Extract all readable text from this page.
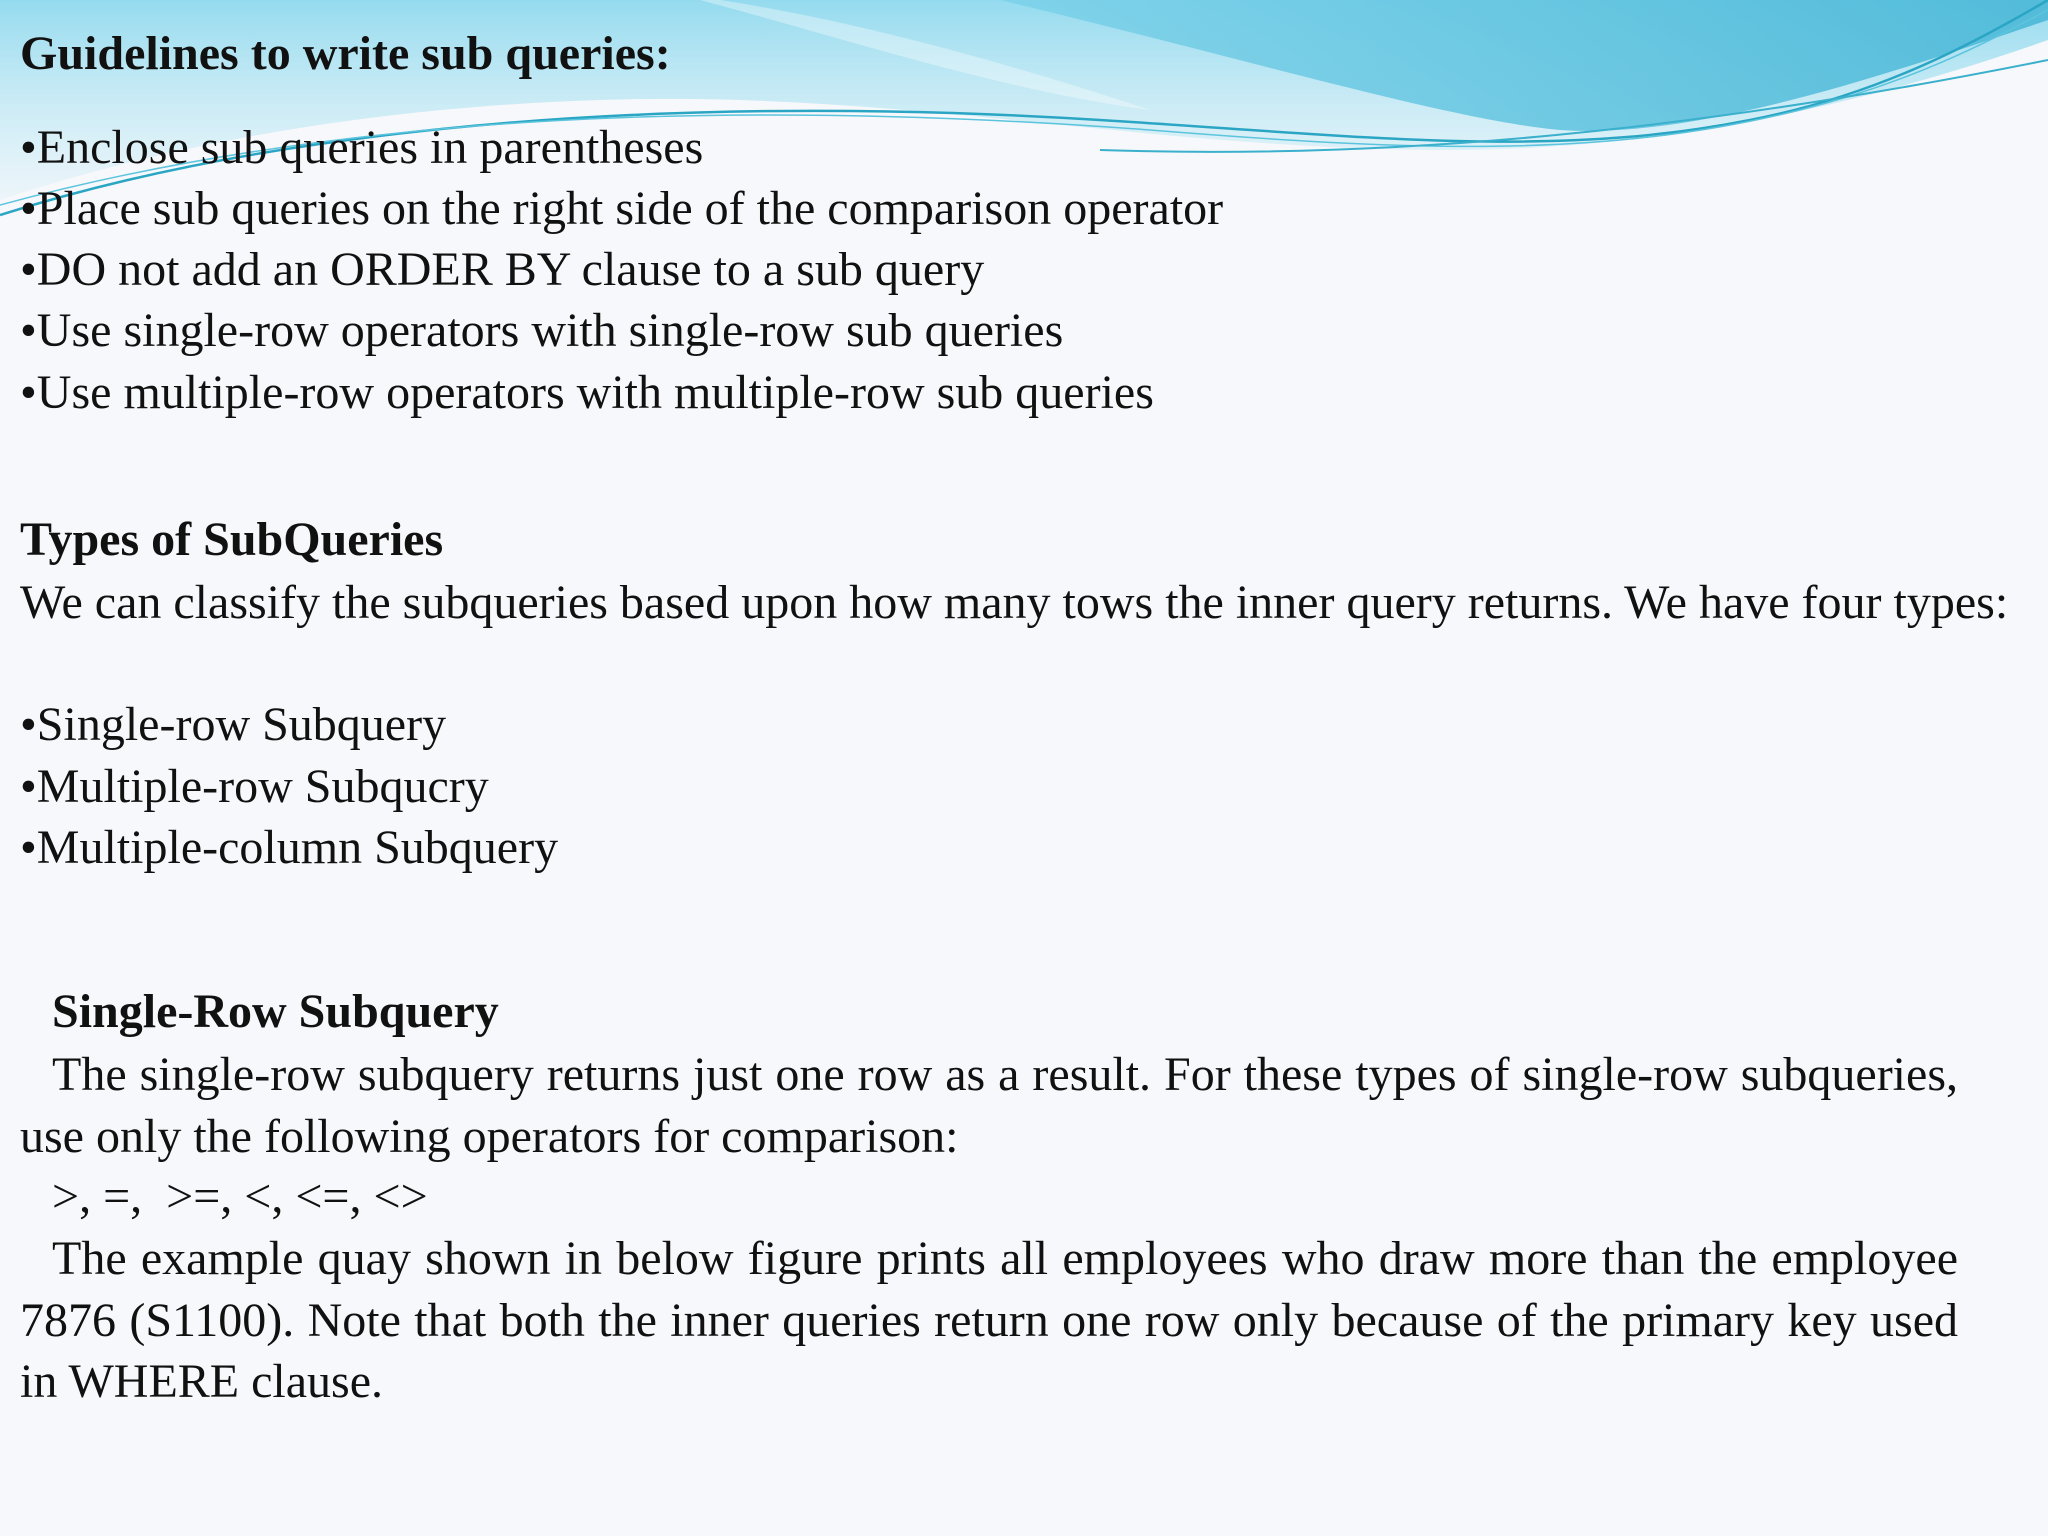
Guidelines to write sub queries:
•Enclose sub queries in parentheses
•Place sub queries on the right side of the comparison operator
•DO not add an ORDER BY clause to a sub query
•Use single-row operators with single-row sub queries
•Use multiple-row operators with multiple-row sub queries
Types of SubQueries
We can classify the subqueries based upon how many tows the inner query returns. We have four types:
•Single-row Subquery
•Multiple-row Subqucry
•Multiple-column Subquery
Single-Row Subquery
The single-row subquery returns just one row as a result. For these types of single-row subqueries, use only the following operators for comparison:
>, =,  >=, <, <=, <>
The example quay shown in below figure prints all employees who draw more than the employee 7876 (S1100). Note that both the inner queries return one row only because of the primary key used in WHERE clause.
